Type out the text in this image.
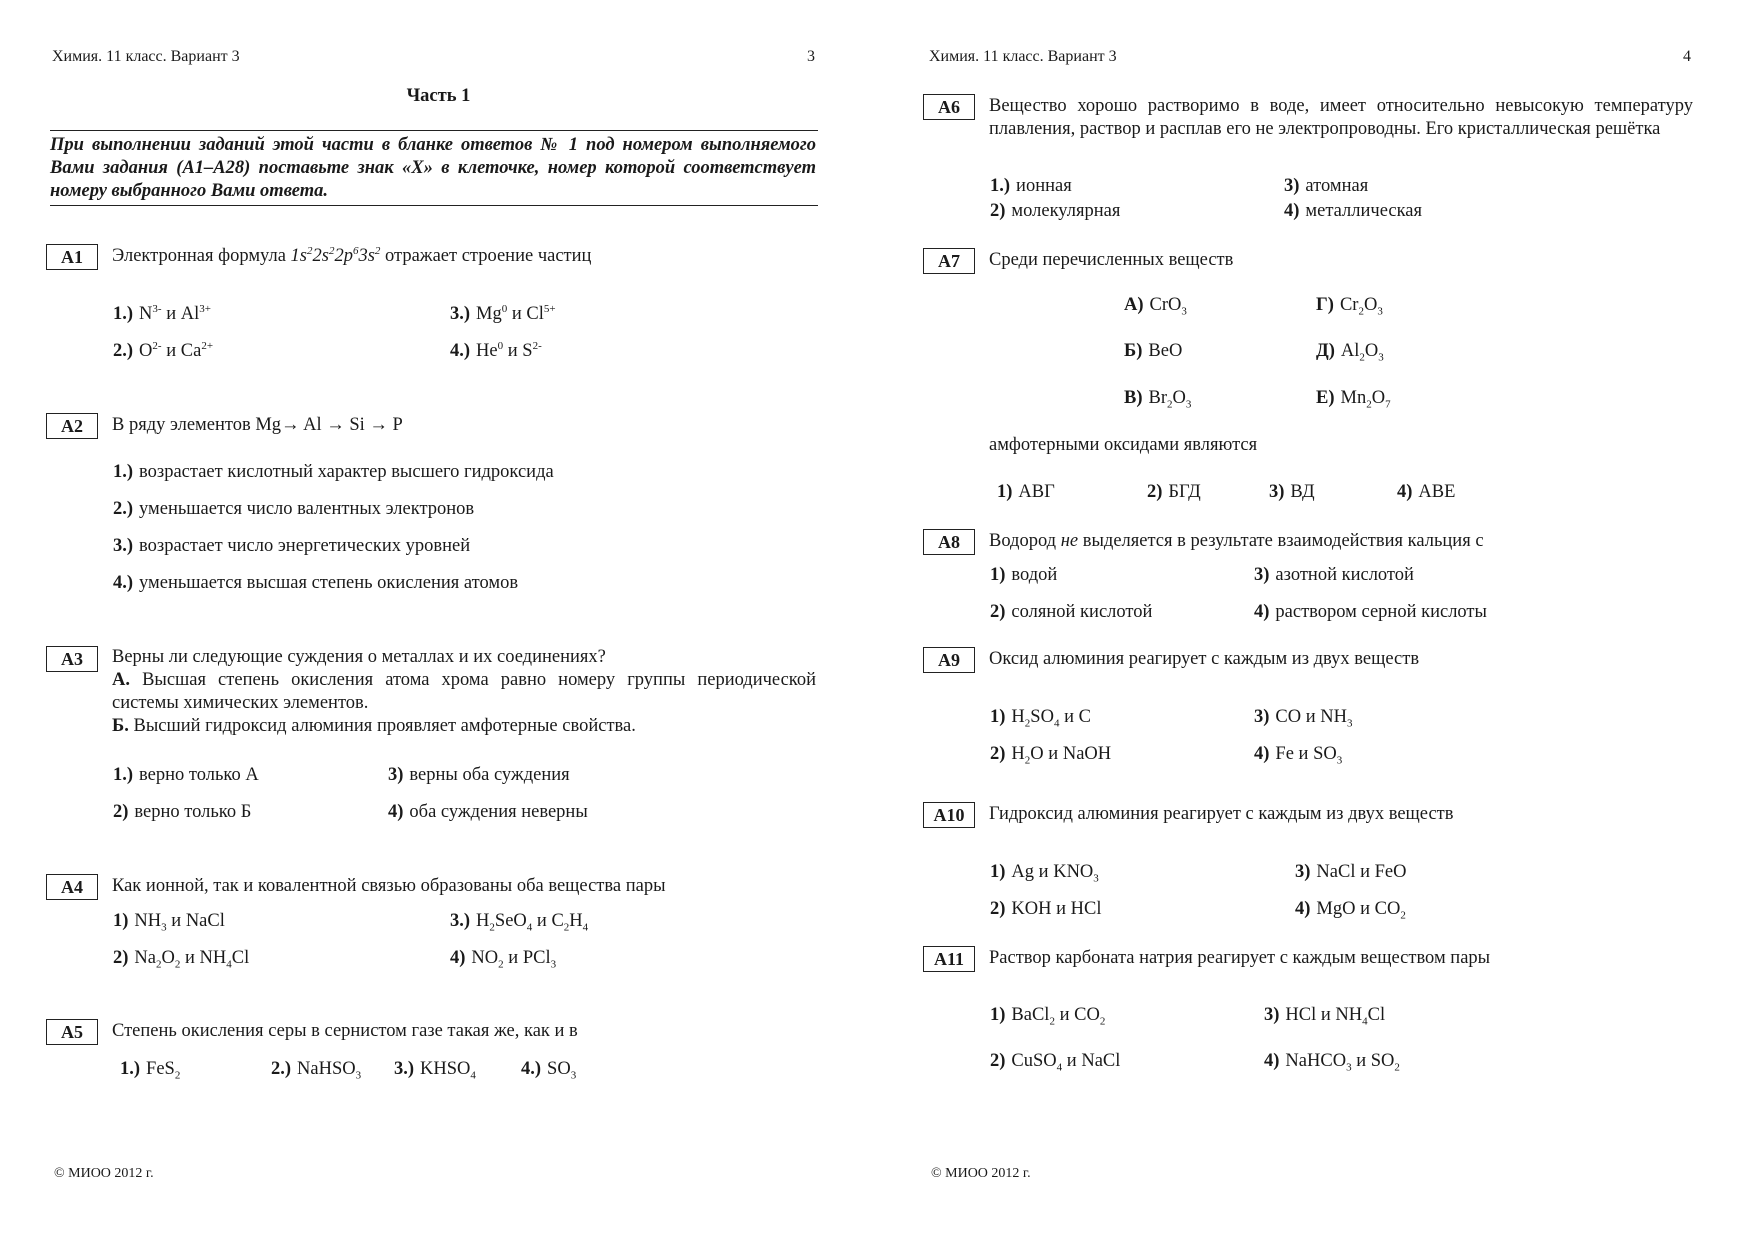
Химия. 11 класс. Вариант 3	3
Часть 1
При выполнении заданий этой части в бланке ответов № 1 под номером выполняемого Вами задания (А1–А28) поставьте знак «X» в клеточке, номер которой соответствует номеру выбранного Вами ответа.
А1	Электронная формула $1s^22s^22p^63s^2$ отражает строение частиц
1.) $N^{3-}$ и $Al^{3+}$
2.) $O^{2-}$ и $Ca^{2+}$
3.) Mg$^0$ и $Cl^{5+}$
4.) He$^0$ и $S^{2-}$
А2	В ряду элементов Mg→ Al → Si → P
1.) возрастает кислотный характер высшего гидроксида
2.) уменьшается число валентных электронов
3.) возрастает число энергетических уровней
4.) уменьшается высшая степень окисления атомов
А3	Верны ли следующие суждения о металлах и их соединениях?
А. Высшая степень окисления атома хрома равно номеру группы периодической системы химических элементов.
Б. Высший гидроксид алюминия проявляет амфотерные свойства.
1.) верно только А
2) верно только Б
3) верны оба суждения
4) оба суждения неверны
А4	Как ионной, так и ковалентной связью образованы оба вещества пары
1) $NH_3$ и NaCl
2) $Na_2O_2$ и $NH_4Cl$
3.) $H_2SeO_4$ и $C_2H_4$
4) $NO_2$ и PCl$_3$
А5	Степень окисления серы в сернистом газе такая же, как и в
1.) FeS$_2$	2.) NaHSO$_3$ 3.) $KHSO_4$ 4.) $SO_3$
© МИОО 2012 г.
Химия. 11 класс. Вариант 3	4
А6	Вещество хорошо растворимо в воде, имеет относительно невысокую температуру плавления, раствор и расплав его не электропроводны. Его кристаллическая решётка
1.) ионная
2) молекулярная
3) атомная
4) металлическая
А7	Среди перечисленных веществ
А) CrO$_3$
Б) BeO
В) $Br_2O_3$
Г) $Cr_2O_3$
Д) $Al_2O_3$
Е) $Mn_2O_7$
амфотерными оксидами являются
1) АВГ	2) БГД	3) ВД	4) АВЕ
А8	Водород не выделяется в результате взаимодействия кальция с
1) водой
2) соляной кислотой
3) азотной кислотой
4) раствором серной кислоты
А9	Оксид алюминия реагирует с каждым из двух веществ
1) $H_2SO_4$ и C
2) $H_2O$ и NaOH
3) CO и $NH_3$
4) Fe и $SO_3$
А10	Гидроксид алюминия реагирует с каждым из двух веществ
1) Ag и $KNO_3$
2) KOH и HCl
3) NaCl и FeO
4) MgO и $CO_2$
А11	Раствор карбоната натрия реагирует с каждым веществом пары
1) BaCl$_2$ и $CO_2$
2) CuSO$_4$ и NaCl
3) HCl и $NH_4Cl$
4) NaHCO$_3$ и $SO_2$
© МИОО 2012 г.
